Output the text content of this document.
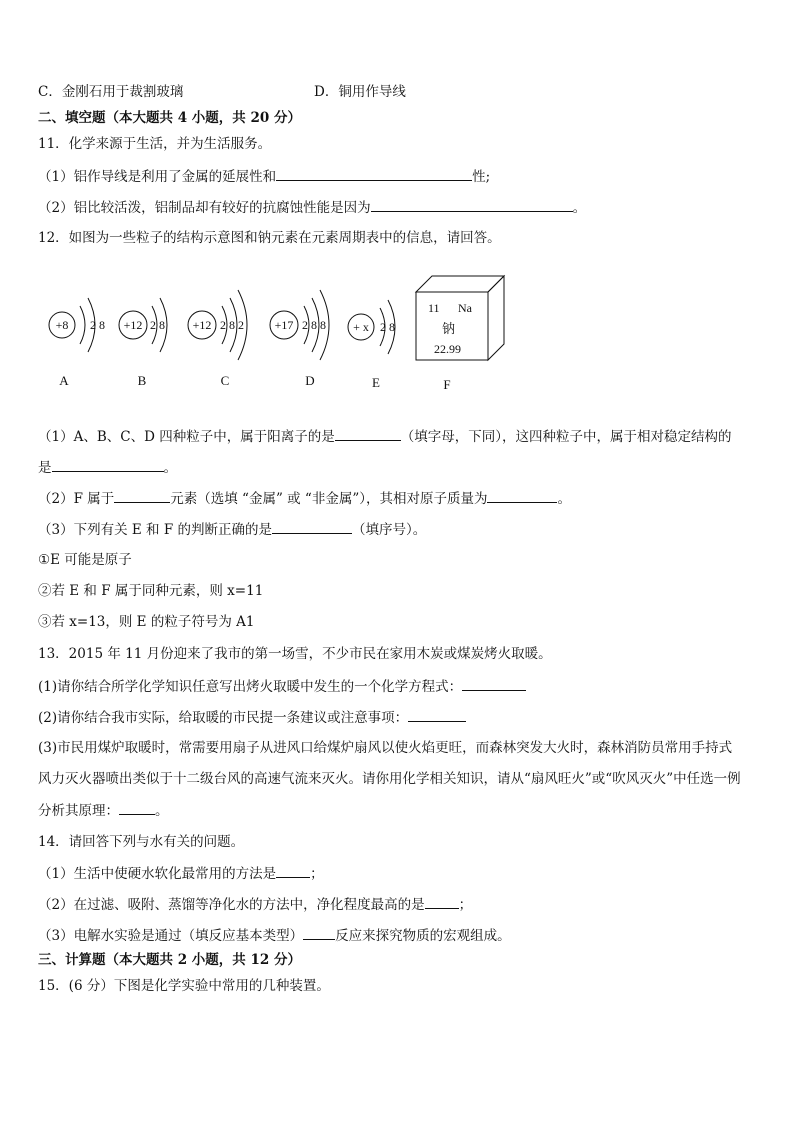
C．金刚石用于裁割玻璃	D．铜用作导线
二、填空题（本大题共 4 小题，共 20 分）
11．化学来源于生活，并为生活服务。
（1）铝作导线是利用了金属的延展性和	性;
（2）铝比较活泼，铝制品却有较好的抗腐蚀性能是因为	。
12．如图为一些粒子的结构示意图和钠元素在元素周期表中的信息，请回答。
+8 2 8
A
+12 2 8
B
+12 2 8 2
C
+17 2 8 8
D
+ x 2 8
E
11 Na
钠
22.99
F
（1）A、B、C、D 四种粒子中，属于阳离子的是	（填字母，下同），这四种粒子中，属于相对稳定结构的
是	。
（2）F 属于	元素（选填 “金属” 或 “非金属”），其相对原子质量为	。
（3）下列有关 E 和 F 的判断正确的是	（填序号）。
①E 可能是原子
②若 E 和 F 属于同种元素，则 x=11
③若 x=13，则 E 的粒子符号为 A1
13．2015 年 11 月份迎来了我市的第一场雪，不少市民在家用木炭或煤炭烤火取暖。
(1)请你结合所学化学知识任意写出烤火取暖中发生的一个化学方程式：
(2)请你结合我市实际，给取暖的市民提一条建议或注意事项：
(3)市民用煤炉取暖时，常需要用扇子从进风口给煤炉扇风以使火焰更旺，而森林突发大火时，森林消防员常用手持式
风力灭火器喷出类似于十二级台风的高速气流来灭火。请你用化学相关知识，请从“扇风旺火”或“吹风灭火”中任选一例
分析其原理：	。
14．请回答下列与水有关的问题。
（1）生活中使硬水软化最常用的方法是	；
（2）在过滤、吸附、蒸馏等净化水的方法中，净化程度最高的是	；
（3）电解水实验是通过（填反应基本类型） 反应来探究物质的宏观组成。
三、计算题（本大题共 2 小题，共 12 分）
15．(6 分）下图是化学实验中常用的几种装置。
